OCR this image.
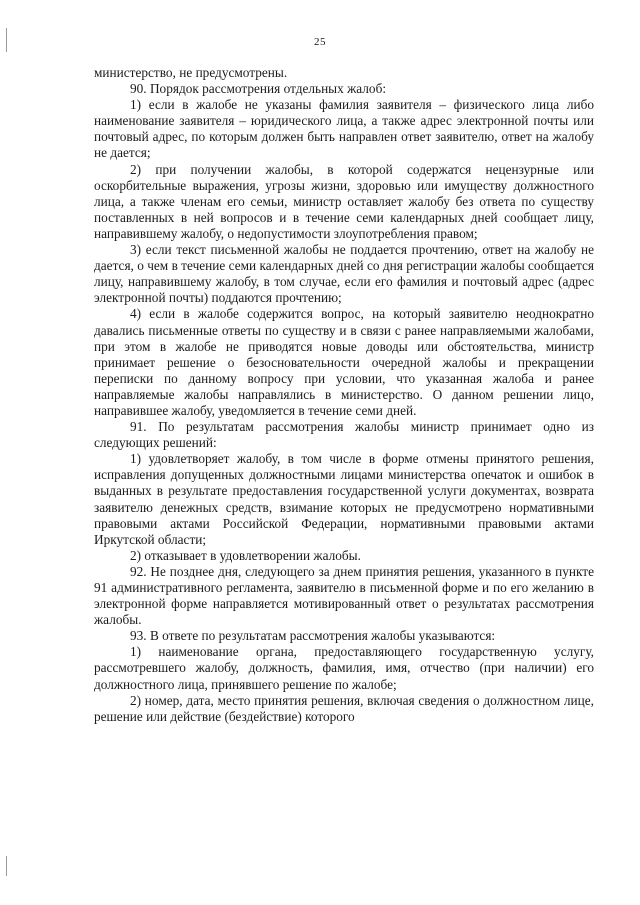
25

министерство, не предусмотрены.

90. Порядок рассмотрения отдельных жалоб:

1) если в жалобе не указаны фамилия заявителя – физического лица либо наименование заявителя – юридического лица, а также адрес электронной почты или почтовый адрес, по которым должен быть направлен ответ заявителю, ответ на жалобу не дается;

2) при получении жалобы, в которой содержатся нецензурные или оскорбительные выражения, угрозы жизни, здоровью или имуществу должностного лица, а также членам его семьи, министр оставляет жалобу без ответа по существу поставленных в ней вопросов и в течение семи календарных дней сообщает лицу, направившему жалобу, о недопустимости злоупотребления правом;

3) если текст письменной жалобы не поддается прочтению, ответ на жалобу не дается, о чем в течение семи календарных дней со дня регистрации жалобы сообщается лицу, направившему жалобу, в том случае, если его фамилия и почтовый адрес (адрес электронной почты) поддаются прочтению;

4) если в жалобе содержится вопрос, на который заявителю неоднократно давались письменные ответы по существу и в связи с ранее направляемыми жалобами, при этом в жалобе не приводятся новые доводы или обстоятельства, министр принимает решение о безосновательности очередной жалобы и прекращении переписки по данному вопросу при условии, что указанная жалоба и ранее направляемые жалобы направлялись в министерство. О данном решении лицо, направившее жалобу, уведомляется в течение семи дней.

91. По результатам рассмотрения жалобы министр принимает одно из следующих решений:

1) удовлетворяет жалобу, в том числе в форме отмены принятого решения, исправления допущенных должностными лицами министерства опечаток и ошибок в выданных в результате предоставления государственной услуги документах, возврата заявителю денежных средств, взимание которых не предусмотрено нормативными правовыми актами Российской Федерации, нормативными правовыми актами Иркутской области;

2) отказывает в удовлетворении жалобы.

92. Не позднее дня, следующего за днем принятия решения, указанного в пункте 91 административного регламента, заявителю в письменной форме и по его желанию в электронной форме направляется мотивированный ответ о результатах рассмотрения жалобы.

93. В ответе по результатам рассмотрения жалобы указываются:

1) наименование органа, предоставляющего государственную услугу, рассмотревшего жалобу, должность, фамилия, имя, отчество (при наличии) его должностного лица, принявшего решение по жалобе;

2) номер, дата, место принятия решения, включая сведения о должностном лице, решение или действие (бездействие) которого
